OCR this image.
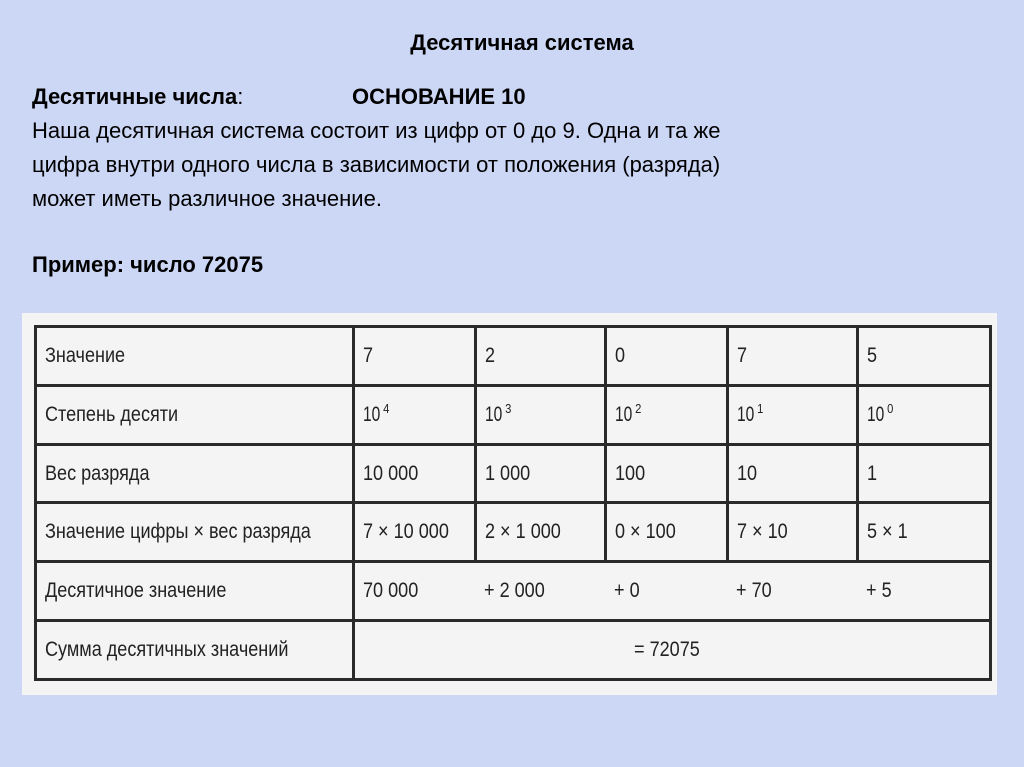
Десятичная система
Десятичные числа:	ОСНОВАНИЕ 10
Наша десятичная система состоит из цифр от 0 до 9. Одна и та же
цифра внутри одного числа в зависимости от положения (разряда)
может иметь различное значение.
Пример: число 72075
Значение	7	2	0	7	5
Степень десяти	10 $^4$	10 $^3$	10 $^2$	10 $^1$	10 $^0$
Вес разряда	10 000	1 000	100	10	1
Значение цифры × вес разряда	7 × 10 000	2 × 1 000	0 × 100	7 × 10	5 × 1
Десятичное значение	70 000	+ 2 000	+ 0	+ 70	+ 5
Сумма десятичных значений	= 72075				
